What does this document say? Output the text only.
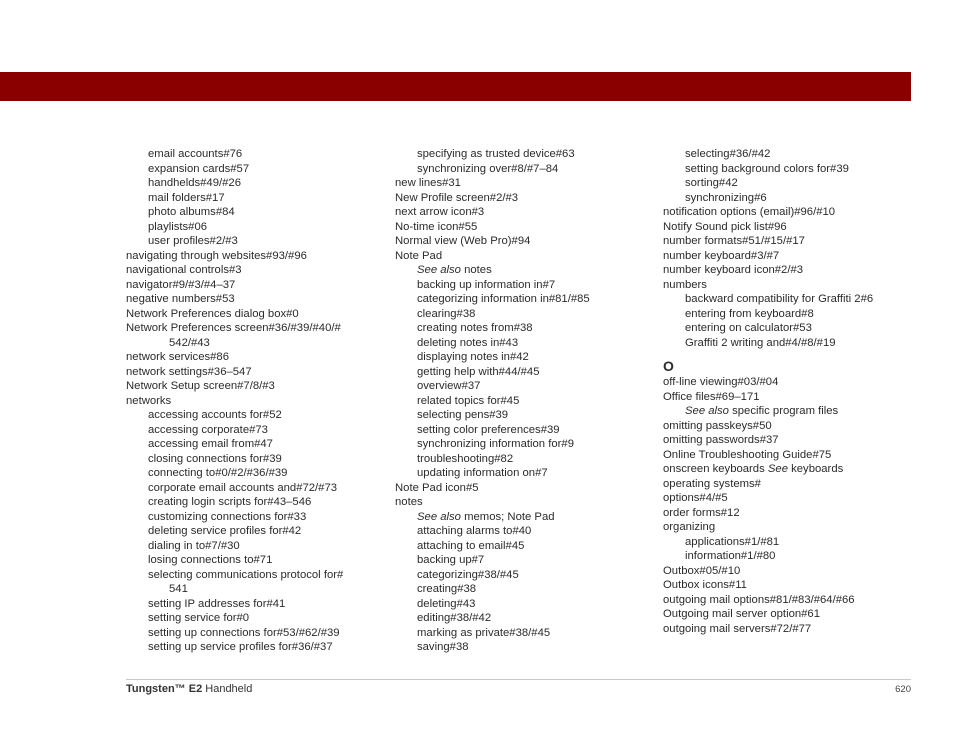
email accounts#76
expansion cards#57
handhelds#49/#26
mail folders#17
photo albums#84
playlists#06
user profiles#2/#3
navigating through websites#93/#96
navigational controls#3
navigator#9/#3/#4–37
negative numbers#53
Network Preferences dialog box#0
Network Preferences screen#36/#39/#40/#
542/#43
network services#86
network settings#36–547
Network Setup screen#7/8/#3
networks
accessing accounts for#52
accessing corporate#73
accessing email from#47
closing connections for#39
connecting to#0/#2/#36/#39
corporate email accounts and#72/#73
creating login scripts for#43–546
customizing connections for#33
deleting service profiles for#42
dialing in to#7/#30
losing connections to#71
selecting communications protocol for#
541
setting IP addresses for#41
setting service for#0
setting up connections for#53/#62/#39
setting up service profiles for#36/#37
specifying as trusted device#63
synchronizing over#8/#7–84
new lines#31
New Profile screen#2/#3
next arrow icon#3
No-time icon#55
Normal view (Web Pro)#94
Note Pad
See also notes
backing up information in#7
categorizing information in#81/#85
clearing#38
creating notes from#38
deleting notes in#43
displaying notes in#42
getting help with#44/#45
overview#37
related topics for#45
selecting pens#39
setting color preferences#39
synchronizing information for#9
troubleshooting#82
updating information on#7
Note Pad icon#5
notes
See also memos; Note Pad
attaching alarms to#40
attaching to email#45
backing up#7
categorizing#38/#45
creating#38
deleting#43
editing#38/#42
marking as private#38/#45
saving#38
selecting#36/#42
setting background colors for#39
sorting#42
synchronizing#6
notification options (email)#96/#10
Notify Sound pick list#96
number formats#51/#15/#17
number keyboard#3/#7
number keyboard icon#2/#3
numbers
backward compatibility for Graffiti 2#6
entering from keyboard#8
entering on calculator#53
Graffiti 2 writing and#4/#8/#19
O
off-line viewing#03/#04
Office files#69–171
See also specific program files
omitting passkeys#50
omitting passwords#37
Online Troubleshooting Guide#75
onscreen keyboards See keyboards
operating systems#
options#4/#5
order forms#12
organizing
applications#1/#81
information#1/#80
Outbox#05/#10
Outbox icons#11
outgoing mail options#81/#83/#64/#66
Outgoing mail server option#61
outgoing mail servers#72/#77
Tungsten™ E2 Handheld	620
